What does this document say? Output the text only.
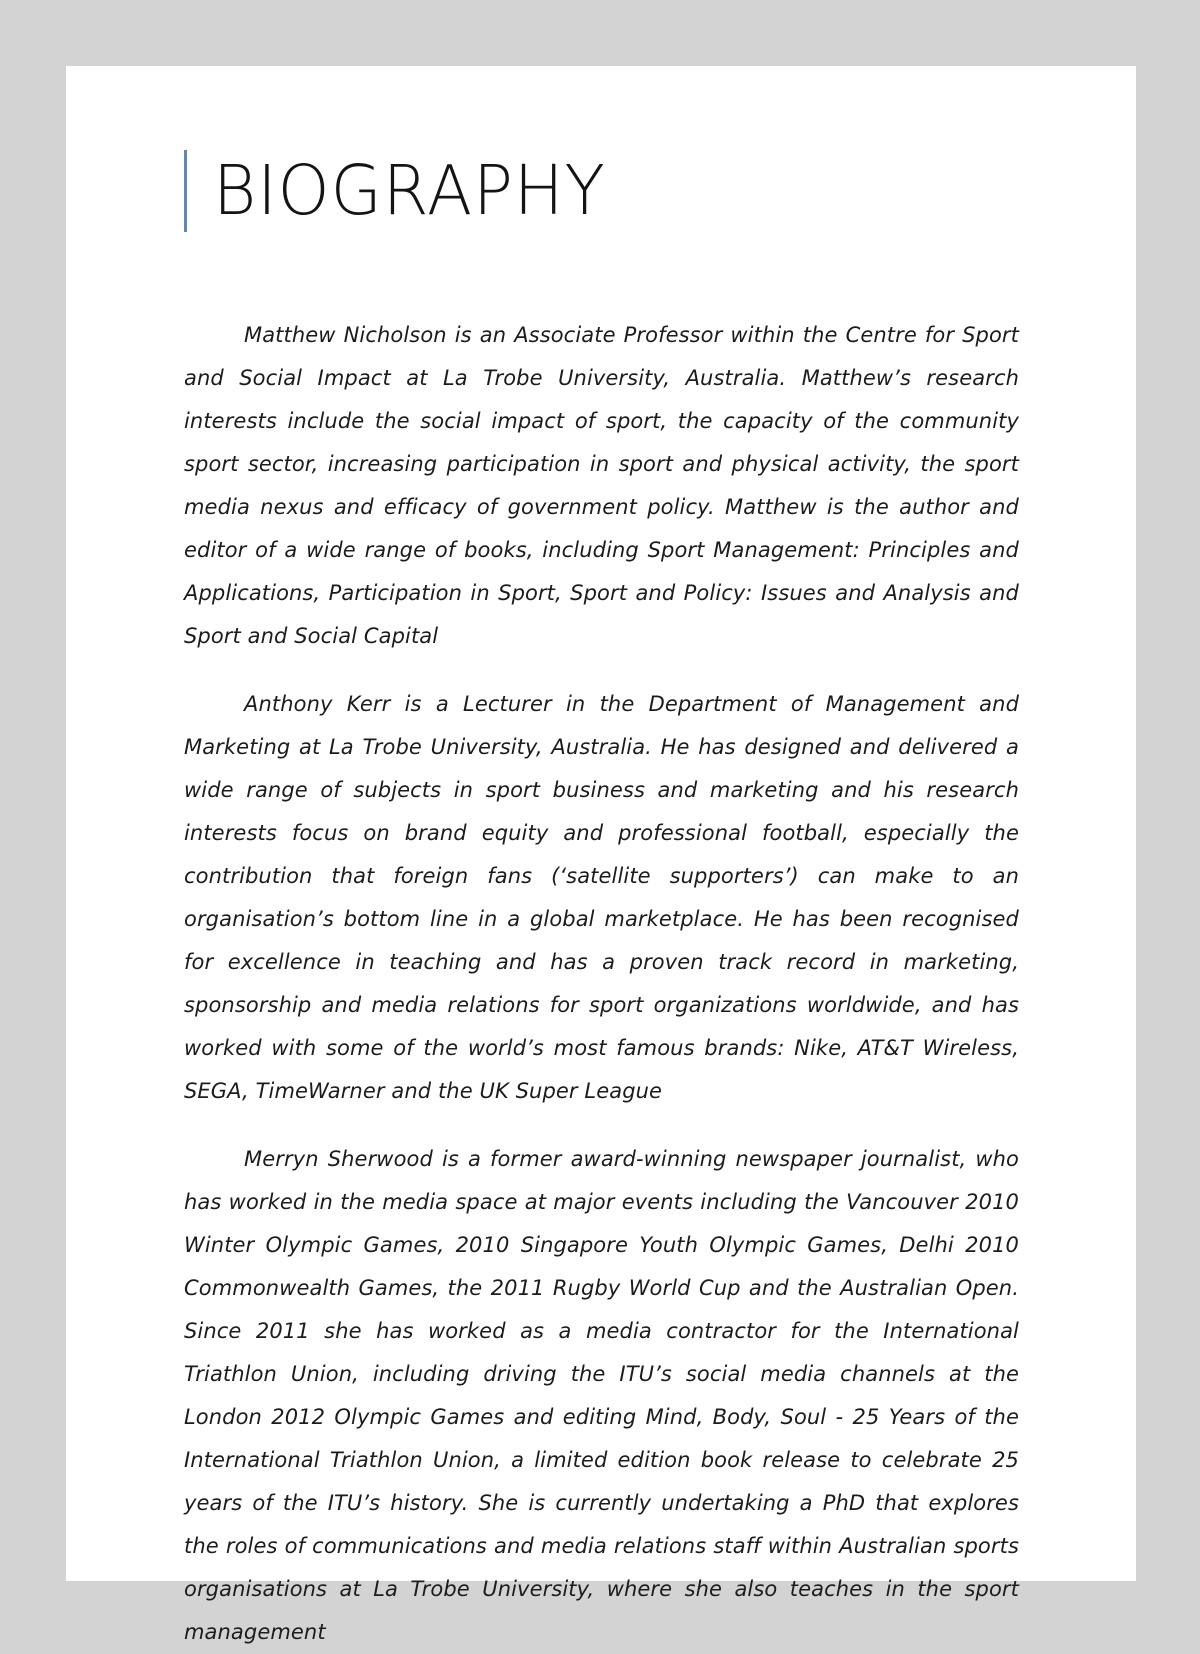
BIOGRAPHY

Matthew Nicholson is an Associate Professor within the Centre for Sport and Social Impact at La Trobe University, Australia. Matthew’s research interests include the social impact of sport, the capacity of the community sport sector, increasing participation in sport and physical activity, the sport media nexus and efficacy of government policy. Matthew is the author and editor of a wide range of books, including Sport Management: Principles and Applications, Participation in Sport, Sport and Policy: Issues and Analysis and Sport and Social Capital

Anthony Kerr is a Lecturer in the Department of Management and Marketing at La Trobe University, Australia. He has designed and delivered a wide range of subjects in sport business and marketing and his research interests focus on brand equity and professional football, especially the contribution that foreign fans (‘satellite supporters’) can make to an organisation’s bottom line in a global marketplace. He has been recognised for excellence in teaching and has a proven track record in marketing, sponsorship and media relations for sport organizations worldwide, and has worked with some of the world’s most famous brands: Nike, AT&T Wireless, SEGA, TimeWarner and the UK Super League

Merryn Sherwood is a former award-winning newspaper journalist, who has worked in the media space at major events including the Vancouver 2010 Winter Olympic Games, 2010 Singapore Youth Olympic Games, Delhi 2010 Commonwealth Games, the 2011 Rugby World Cup and the Australian Open. Since 2011 she has worked as a media contractor for the International Triathlon Union, including driving the ITU’s social media channels at the London 2012 Olympic Games and editing Mind, Body, Soul - 25 Years of the International Triathlon Union, a limited edition book release to celebrate 25 years of the ITU’s history. She is currently undertaking a PhD that explores the roles of communications and media relations staff within Australian sports organisations at La Trobe University, where she also teaches in the sport management
